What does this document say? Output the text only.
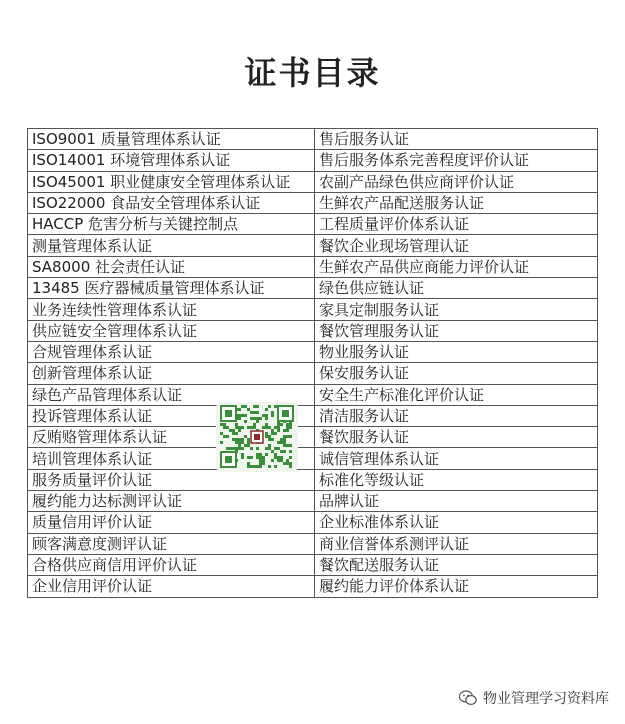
证书目录
ISO9001 质量管理体系认证	售后服务认证
ISO14001 环境管理体系认证	售后服务体系完善程度评价认证
ISO45001 职业健康安全管理体系认证	农副产品绿色供应商评价认证
ISO22000 食品安全管理体系认证	生鲜农产品配送服务认证
HACCP 危害分析与关键控制点	工程质量评价体系认证
测量管理体系认证	餐饮企业现场管理认证
SA8000 社会责任认证	生鲜农产品供应商能力评价认证
13485 医疗器械质量管理体系认证	绿色供应链认证
业务连续性管理体系认证	家具定制服务认证
供应链安全管理体系认证	餐饮管理服务认证
合规管理体系认证	物业服务认证
创新管理体系认证	保安服务认证
绿色产品管理体系认证	安全生产标准化评价认证
投诉管理体系认证	清洁服务认证
反贿赂管理体系认证	餐饮服务认证
培训管理体系认证	诚信管理体系认证
服务质量评价认证	标准化等级认证
履约能力达标测评认证	品牌认证
质量信用评价认证	企业标准体系认证
顾客满意度测评认证	商业信誉体系测评认证
合格供应商信用评价认证	餐饮配送服务认证
企业信用评价认证	履约能力评价体系认证
物业管理学习资料库
